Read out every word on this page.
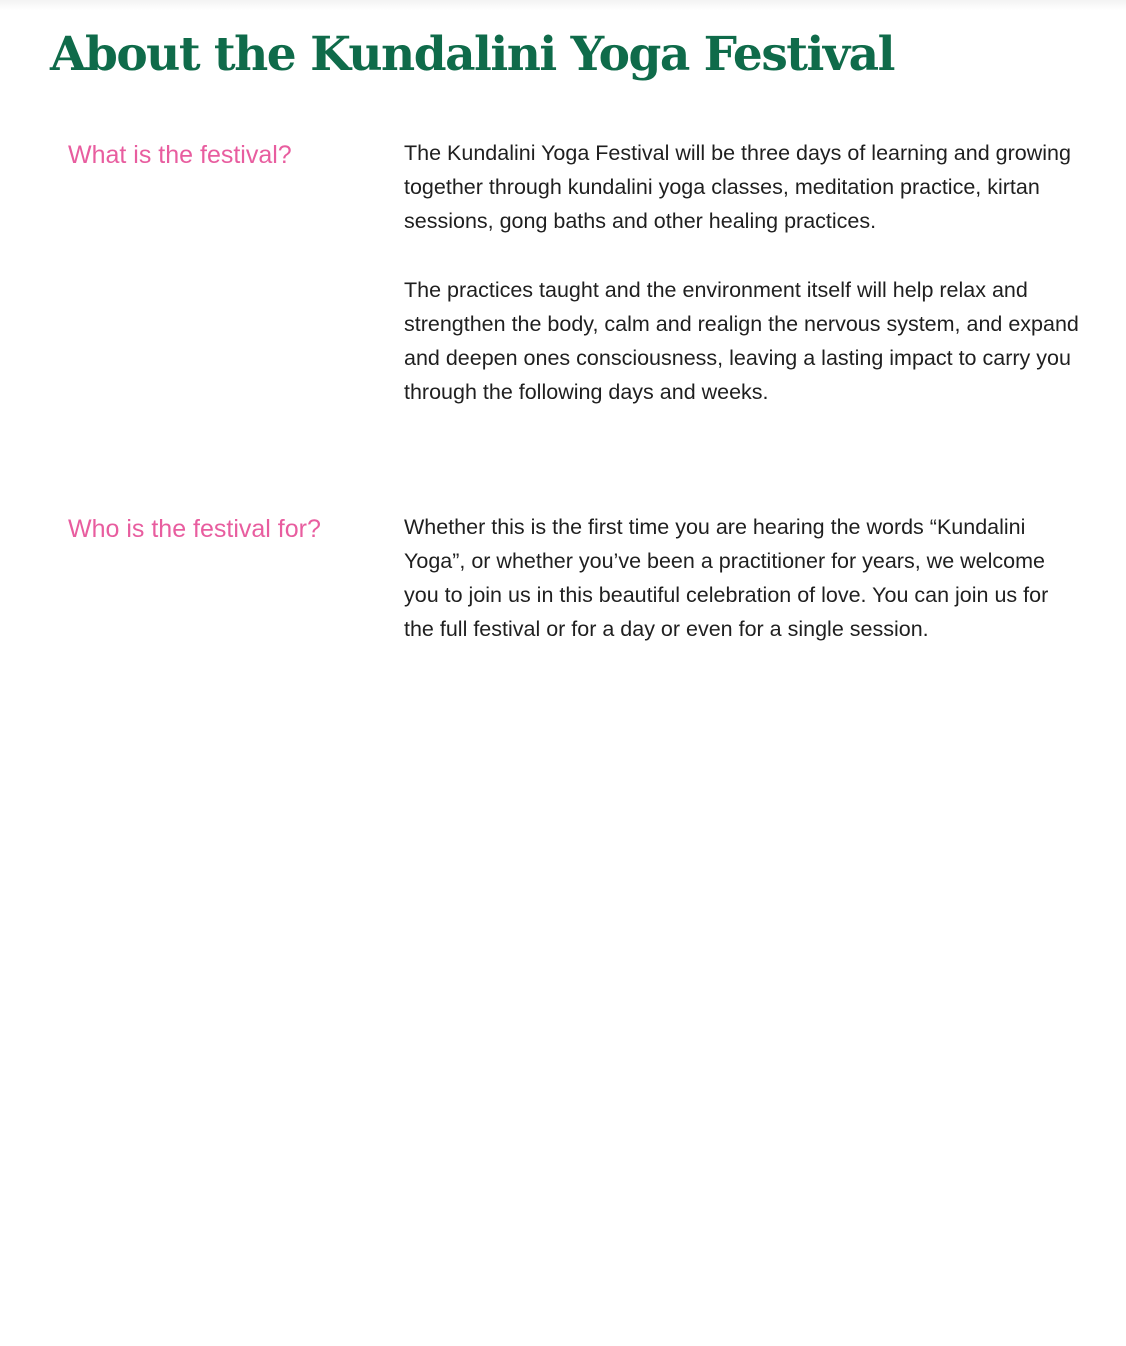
About the Kundalini Yoga Festival
What is the festival?	The Kundalini Yoga Festival will be three days of learning and growing together through kundalini yoga classes, meditation practice, kirtan sessions, gong baths and other healing practices.

The practices taught and the environment itself will help relax and strengthen the body, calm and realign the nervous system, and expand and deepen ones consciousness, leaving a lasting impact to carry you through the following days and weeks.

Who is the festival for?	Whether this is the first time you are hearing the words “Kundalini Yoga”, or whether you’ve been a practitioner for years, we welcome you to join us in this beautiful celebration of love. You can join us for the full festival or for a day or even for a single session.
